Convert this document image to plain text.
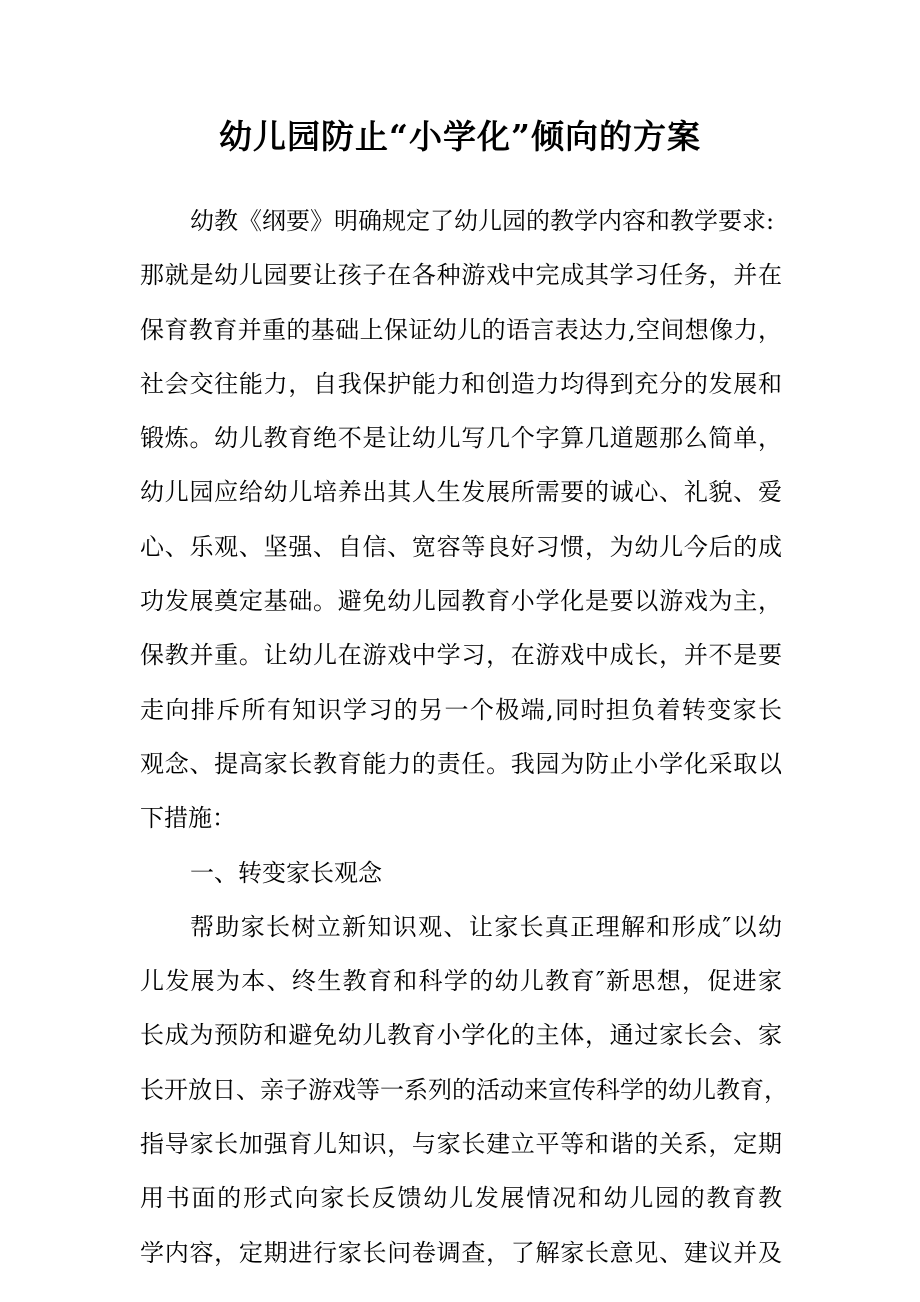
幼儿园防止“小学化”倾向的方案
幼教《纲要》明确规定了幼儿园的教学内容和教学要求:
那就是幼儿园要让孩子在各种游戏中完成其学习任务，并在
保育教育并重的基础上保证幼儿的语言表达力,空间想像力，
社会交往能力，自我保护能力和创造力均得到充分的发展和
锻炼。幼儿教育绝不是让幼儿写几个字算几道题那么简单，
幼儿园应给幼儿培养出其人生发展所需要的诚心、礼貌、爱
心、乐观、坚强、自信、宽容等良好习惯，为幼儿今后的成
功发展奠定基础。避免幼儿园教育小学化是要以游戏为主，
保教并重。让幼儿在游戏中学习，在游戏中成长，并不是要
走向排斥所有知识学习的另一个极端,同时担负着转变家长
观念、提高家长教育能力的责任。我园为防止小学化采取以
下措施：
一、转变家长观念
帮助家长树立新知识观、让家长真正理解和形成″以幼
儿发展为本、终生教育和科学的幼儿教育″新思想，促进家
长成为预防和避免幼儿教育小学化的主体，通过家长会、家
长开放日、亲子游戏等一系列的活动来宣传科学的幼儿教育，
指导家长加强育儿知识，与家长建立平等和谐的关系，定期
用书面的形式向家长反馈幼儿发展情况和幼儿园的教育教
学内容，定期进行家长问卷调查，了解家长意见、建议并及
